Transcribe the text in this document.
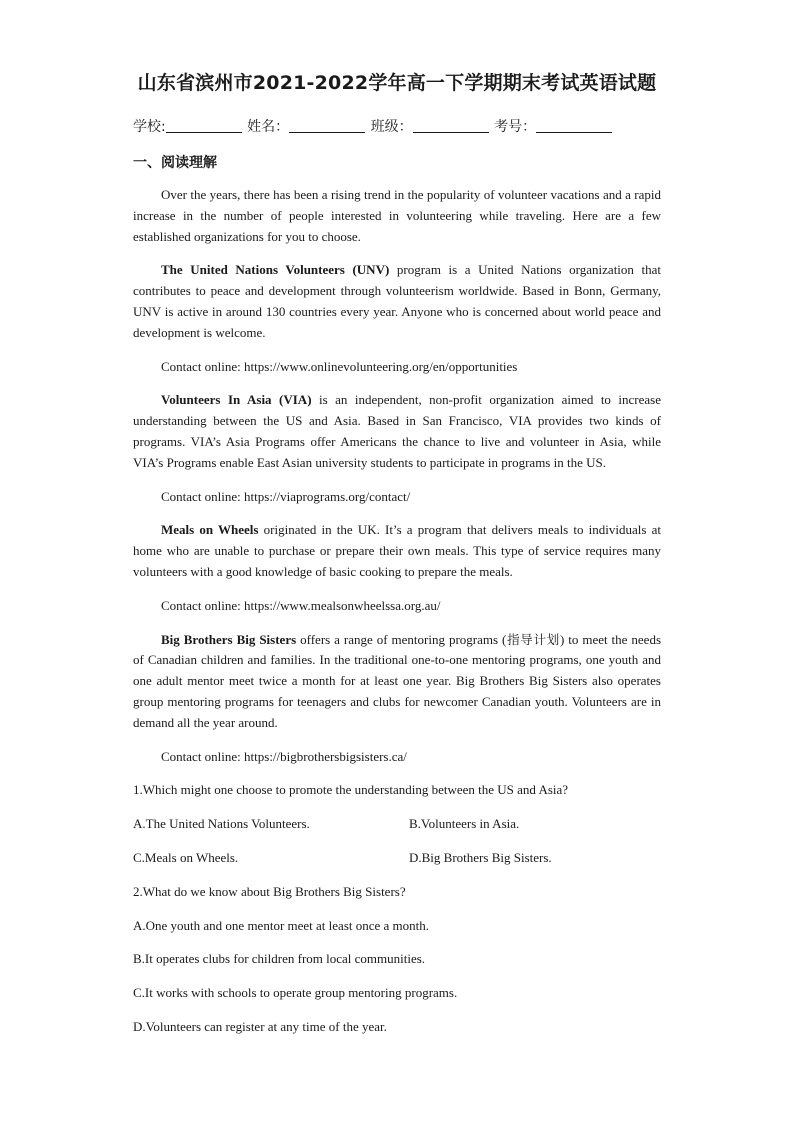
山东省滨州市2021-2022学年高一下学期期末考试英语试题
学校:	姓名：	班级：	考号：
一、阅读理解

Over the years, there has been a rising trend in the popularity of volunteer vacations and a rapid increase in the number of people interested in volunteering while traveling. Here are a few established organizations for you to choose.

The United Nations Volunteers (UNV) program is a United Nations organization that contributes to peace and development through volunteerism worldwide. Based in Bonn, Germany, UNV is active in around 130 countries every year. Anyone who is concerned about world peace and development is welcome.

Contact online: https://www.onlinevolunteering.org/en/opportunities

Volunteers In Asia (VIA) is an independent, non-profit organization aimed to increase understanding between the US and Asia. Based in San Francisco, VIA provides two kinds of programs. VIA’s Asia Programs offer Americans the chance to live and volunteer in Asia, while VIA’s Programs enable East Asian university students to participate in programs in the US.

Contact online: https://viaprograms.org/contact/

Meals on Wheels originated in the UK. It’s a program that delivers meals to individuals at home who are unable to purchase or prepare their own meals. This type of service requires many volunteers with a good knowledge of basic cooking to prepare the meals.

Contact online: https://www.mealsonwheelssa.org.au/

Big Brothers Big Sisters offers a range of mentoring programs (指导计划) to meet the needs of Canadian children and families. In the traditional one-to-one mentoring programs, one youth and one adult mentor meet twice a month for at least one year. Big Brothers Big Sisters also operates group mentoring programs for teenagers and clubs for newcomer Canadian youth. Volunteers are in demand all the year around.

Contact online: https://bigbrothersbigsisters.ca/

1.Which might one choose to promote the understanding between the US and Asia?

A.The United Nations Volunteers.	B.Volunteers in Asia.
C.Meals on Wheels.	D.Big Brothers Big Sisters.

2.What do we know about Big Brothers Big Sisters?

A.One youth and one mentor meet at least once a month.

B.It operates clubs for children from local communities.

C.It works with schools to operate group mentoring programs.

D.Volunteers can register at any time of the year.
